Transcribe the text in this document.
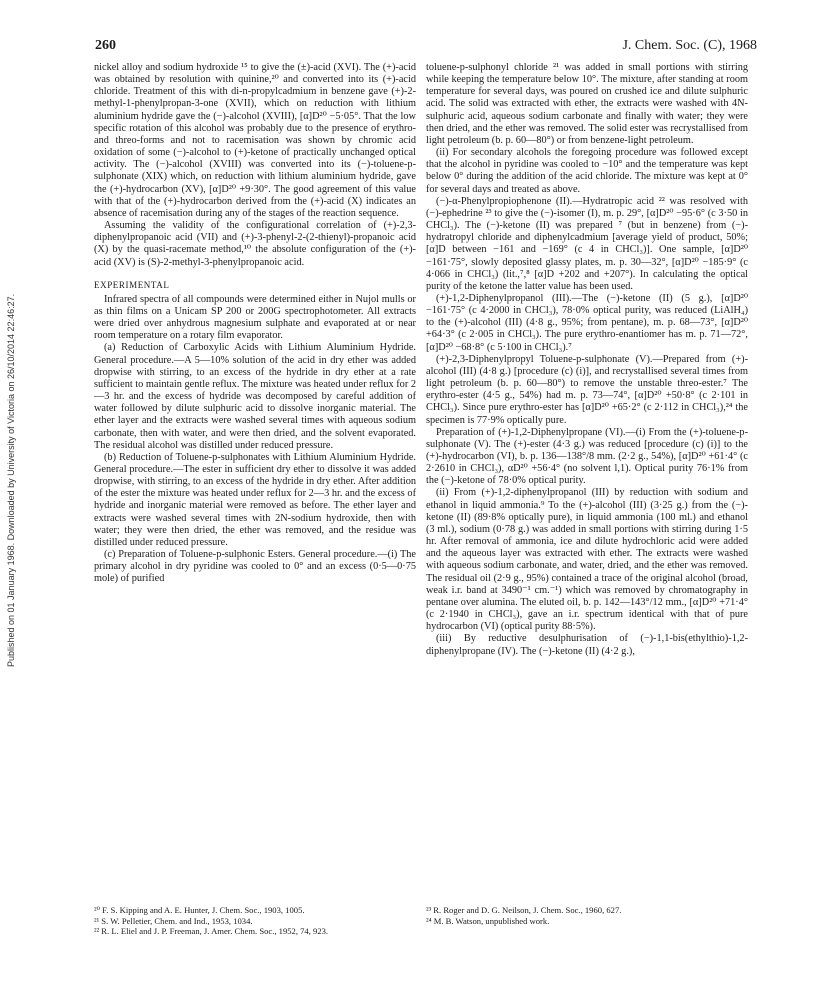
260	J. Chem. Soc. (C), 1968
Published on 01 January 1968. Downloaded by University of Victoria on 26/10/2014 22:46:27.

nickel alloy and sodium hydroxide ¹⁵ to give the (±)-acid (XVI). The (+)-acid was obtained by resolution with quinine,²⁰ and converted into its (+)-acid chloride. Treatment of this with di-n-propylcadmium in benzene gave (+)-2-methyl-1-phenylpropan-3-one (XVII), which on reduction with lithium aluminium hydride gave the (−)-alcohol (XVIII), [α]D²⁰ −5·05°. That the low specific rotation of this alcohol was probably due to the presence of erythro- and threo-forms and not to racemisation was shown by chromic acid oxidation of some (−)-alcohol to (+)-ketone of practically unchanged optical activity. The (−)-alcohol (XVIII) was converted into its (−)-toluene-p-sulphonate (XIX) which, on reduction with lithium aluminium hydride, gave the (+)-hydrocarbon (XV), [α]D²⁰ +9·30°. The good agreement of this value with that of the (+)-hydrocarbon derived from the (+)-acid (X) indicates an absence of racemisation during any of the stages of the reaction sequence.

Assuming the validity of the configurational correlation of (+)-2,3-diphenylpropanoic acid (VII) and (+)-3-phenyl-2-(2-thienyl)-propanoic acid (X) by the quasi-racemate method,¹⁰ the absolute configuration of the (+)-acid (XV) is (S)-2-methyl-3-phenylpropanoic acid.

EXPERIMENTAL

Infrared spectra of all compounds were determined either in Nujol mulls or as thin films on a Unicam SP 200 or 200G spectrophotometer. All extracts were dried over anhydrous magnesium sulphate and evaporated at or near room temperature on a rotary film evaporator.

(a) Reduction of Carboxylic Acids with Lithium Aluminium Hydride. General procedure.—A 5—10% solution of the acid in dry ether was added dropwise with stirring, to an excess of the hydride in dry ether at a rate sufficient to maintain gentle reflux. The mixture was heated under reflux for 2—3 hr. and the excess of hydride was decomposed by careful addition of water followed by dilute sulphuric acid to dissolve inorganic material. The ether layer and the extracts were washed several times with aqueous sodium carbonate, then with water, and were then dried, and the solvent evaporated. The residual alcohol was distilled under reduced pressure.

(b) Reduction of Toluene-p-sulphonates with Lithium Aluminium Hydride. General procedure.—The ester in sufficient dry ether to dissolve it was added dropwise, with stirring, to an excess of the hydride in dry ether. After addition of the ester the mixture was heated under reflux for 2—3 hr. and the excess of hydride and inorganic material were removed as before. The ether layer and extracts were washed several times with 2N-sodium hydroxide, then with water; they were then dried, the ether was removed, and the residue was distilled under reduced pressure.

(c) Preparation of Toluene-p-sulphonic Esters. General procedure.—(i) The primary alcohol in dry pyridine was cooled to 0° and an excess (0·5—0·75 mole) of purified

toluene-p-sulphonyl chloride ²¹ was added in small portions with stirring while keeping the temperature below 10°. The mixture, after standing at room temperature for several days, was poured on crushed ice and dilute sulphuric acid. The solid was extracted with ether, the extracts were washed with 4N-sulphuric acid, aqueous sodium carbonate and finally with water; they were then dried, and the ether was removed. The solid ester was recrystallised from light petroleum (b. p. 60—80°) or from benzene-light petroleum.

(ii) For secondary alcohols the foregoing procedure was followed except that the alcohol in pyridine was cooled to −10° and the temperature was kept below 0° during the addition of the acid chloride. The mixture was kept at 0° for several days and treated as above.

(−)-α-Phenylpropiophenone (II).—Hydratropic acid ²² was resolved with (−)-ephedrine ²³ to give the (−)-isomer (I), m. p. 29°, [α]D²⁰ −95·6° (c 3·50 in CHCl₃). The (−)-ketone (II) was prepared ⁷ (but in benzene) from (−)-hydratropyl chloride and diphenylcadmium [average yield of product, 50%; [α]D between −161 and −169° (c 4 in CHCl₃)]. One sample, [α]D²⁰ −161·75°, slowly deposited glassy plates, m. p. 30—32°, [α]D²⁰ −185·9° (c 4·066 in CHCl₃) (lit.,⁷,⁸ [α]D +202 and +207°). In calculating the optical purity of the ketone the latter value has been used.

(+)-1,2-Diphenylpropanol (III).—The (−)-ketone (II) (5 g.), [α]D²⁰ −161·75° (c 4·2000 in CHCl₃), 78·0% optical purity, was reduced (LiAlH₄) to the (+)-alcohol (III) (4·8 g., 95%; from pentane), m. p. 68—73°, [α]D²⁰ +64·3° (c 2·005 in CHCl₃). The pure erythro-enantiomer has m. p. 71—72°, [α]D²⁰ −68·8° (c 5·100 in CHCl₃).⁷

(+)-2,3-Diphenylpropyl Toluene-p-sulphonate (V).—Prepared from (+)-alcohol (III) (4·8 g.) [procedure (c) (i)], and recrystallised several times from light petroleum (b. p. 60—80°) to remove the unstable threo-ester.⁷ The erythro-ester (4·5 g., 54%) had m. p. 73—74°, [α]D²⁰ +50·8° (c 2·101 in CHCl₃). Since pure erythro-ester has [α]D²⁰ +65·2° (c 2·112 in CHCl₃),²⁴ the specimen is 77·9% optically pure.

Preparation of (+)-1,2-Diphenylpropane (VI).—(i) From the (+)-toluene-p-sulphonate (V). The (+)-ester (4·3 g.) was reduced [procedure (c) (i)] to the (+)-hydrocarbon (VI), b. p. 136—138°/8 mm. (2·2 g., 54%), [α]D²⁰ +61·4° (c 2·2610 in CHCl₃), αD²⁰ +56·4° (no solvent l,1). Optical purity 76·1% from the (−)-ketone of 78·0% optical purity.

(ii) From (+)-1,2-diphenylpropanol (III) by reduction with sodium and ethanol in liquid ammonia.⁹ To the (+)-alcohol (III) (3·25 g.) from the (−)-ketone (II) (89·8% optically pure), in liquid ammonia (100 ml.) and ethanol (3 ml.), sodium (0·78 g.) was added in small portions with stirring during 1·5 hr. After removal of ammonia, ice and dilute hydrochloric acid were added and the aqueous layer was extracted with ether. The extracts were washed with aqueous sodium carbonate, and water, dried, and the ether was removed. The residual oil (2·9 g., 95%) contained a trace of the original alcohol (broad, weak i.r. band at 3490⁻¹ cm.⁻¹) which was removed by chromatography in pentane over alumina. The eluted oil, b. p. 142—143°/12 mm., [α]D²⁰ +71·4° (c 2·1940 in CHCl₃), gave an i.r. spectrum identical with that of pure hydrocarbon (VI) (optical purity 88·5%).

(iii) By reductive desulphurisation of (−)-1,1-bis(ethylthio)-1,2-diphenylpropane (IV). The (−)-ketone (II) (4·2 g.),

²⁰ F. S. Kipping and A. E. Hunter, J. Chem. Soc., 1903, 1005.
²¹ S. W. Pelletier, Chem. and Ind., 1953, 1034.
²² R. L. Eliel and J. P. Freeman, J. Amer. Chem. Soc., 1952, 74, 923.
²³ R. Roger and D. G. Neilson, J. Chem. Soc., 1960, 627.
²⁴ M. B. Watson, unpublished work.
